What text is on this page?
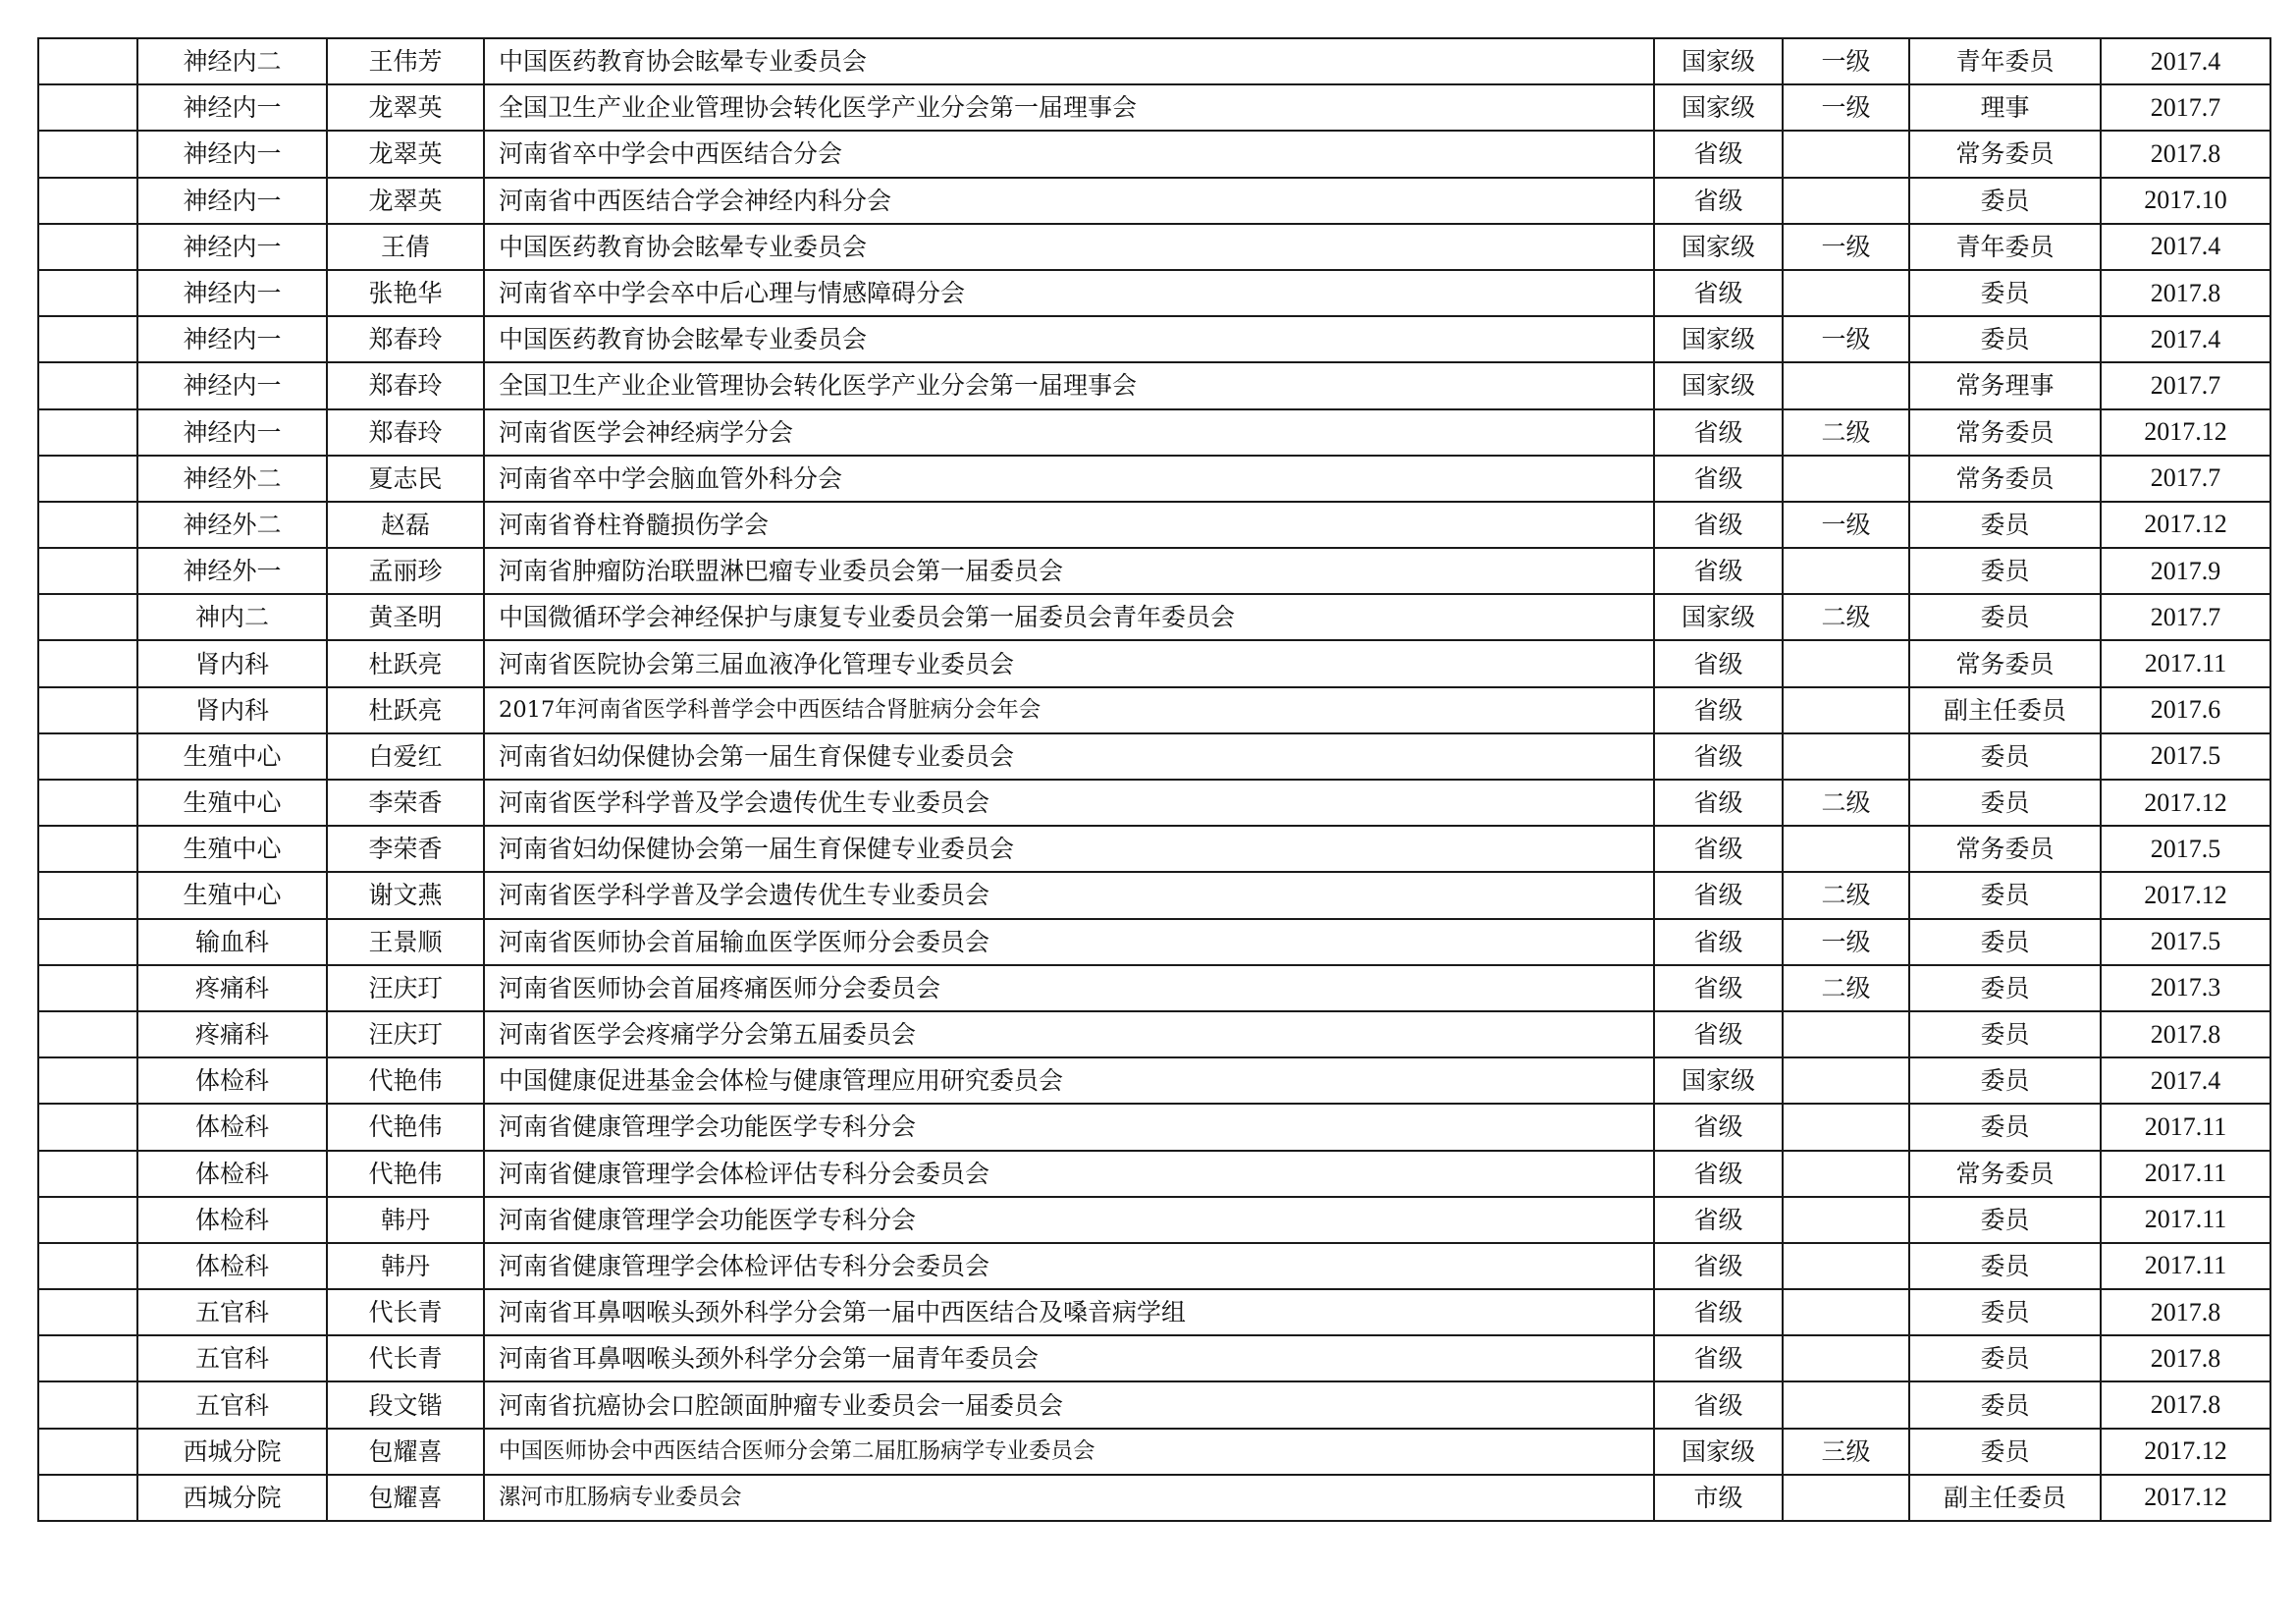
	神经内二	王伟芳	中国医药教育协会眩晕专业委员会	国家级	一级	青年委员	2017.4
	神经内一	龙翠英	全国卫生产业企业管理协会转化医学产业分会第一届理事会	国家级	一级	理事	2017.7
	神经内一	龙翠英	河南省卒中学会中西医结合分会	省级		常务委员	2017.8
	神经内一	龙翠英	河南省中西医结合学会神经内科分会	省级		委员	2017.10
	神经内一	王倩	中国医药教育协会眩晕专业委员会	国家级	一级	青年委员	2017.4
	神经内一	张艳华	河南省卒中学会卒中后心理与情感障碍分会	省级		委员	2017.8
	神经内一	郑春玲	中国医药教育协会眩晕专业委员会	国家级	一级	委员	2017.4
	神经内一	郑春玲	全国卫生产业企业管理协会转化医学产业分会第一届理事会	国家级		常务理事	2017.7
	神经内一	郑春玲	河南省医学会神经病学分会	省级	二级	常务委员	2017.12
	神经外二	夏志民	河南省卒中学会脑血管外科分会	省级		常务委员	2017.7
	神经外二	赵磊	河南省脊柱脊髓损伤学会	省级	一级	委员	2017.12
	神经外一	孟丽珍	河南省肿瘤防治联盟淋巴瘤专业委员会第一届委员会	省级		委员	2017.9
	神内二	黄圣明	中国微循环学会神经保护与康复专业委员会第一届委员会青年委员会	国家级	二级	委员	2017.7
	肾内科	杜跃亮	河南省医院协会第三届血液净化管理专业委员会	省级		常务委员	2017.11
	肾内科	杜跃亮	2017年河南省医学科普学会中西医结合肾脏病分会年会	省级		副主任委员	2017.6
	生殖中心	白爱红	河南省妇幼保健协会第一届生育保健专业委员会	省级		委员	2017.5
	生殖中心	李荣香	河南省医学科学普及学会遗传优生专业委员会	省级	二级	委员	2017.12
	生殖中心	李荣香	河南省妇幼保健协会第一届生育保健专业委员会	省级		常务委员	2017.5
	生殖中心	谢文燕	河南省医学科学普及学会遗传优生专业委员会	省级	二级	委员	2017.12
	输血科	王景顺	河南省医师协会首届输血医学医师分会委员会	省级	一级	委员	2017.5
	疼痛科	汪庆玎	河南省医师协会首届疼痛医师分会委员会	省级	二级	委员	2017.3
	疼痛科	汪庆玎	河南省医学会疼痛学分会第五届委员会	省级		委员	2017.8
	体检科	代艳伟	中国健康促进基金会体检与健康管理应用研究委员会	国家级		委员	2017.4
	体检科	代艳伟	河南省健康管理学会功能医学专科分会	省级		委员	2017.11
	体检科	代艳伟	河南省健康管理学会体检评估专科分会委员会	省级		常务委员	2017.11
	体检科	韩丹	河南省健康管理学会功能医学专科分会	省级		委员	2017.11
	体检科	韩丹	河南省健康管理学会体检评估专科分会委员会	省级		委员	2017.11
	五官科	代长青	河南省耳鼻咽喉头颈外科学分会第一届中西医结合及嗓音病学组	省级		委员	2017.8
	五官科	代长青	河南省耳鼻咽喉头颈外科学分会第一届青年委员会	省级		委员	2017.8
	五官科	段文锴	河南省抗癌协会口腔颌面肿瘤专业委员会一届委员会	省级		委员	2017.8
	西城分院	包耀喜	中国医师协会中西医结合医师分会第二届肛肠病学专业委员会	国家级	三级	委员	2017.12
	西城分院	包耀喜	漯河市肛肠病专业委员会	市级		副主任委员	2017.12
